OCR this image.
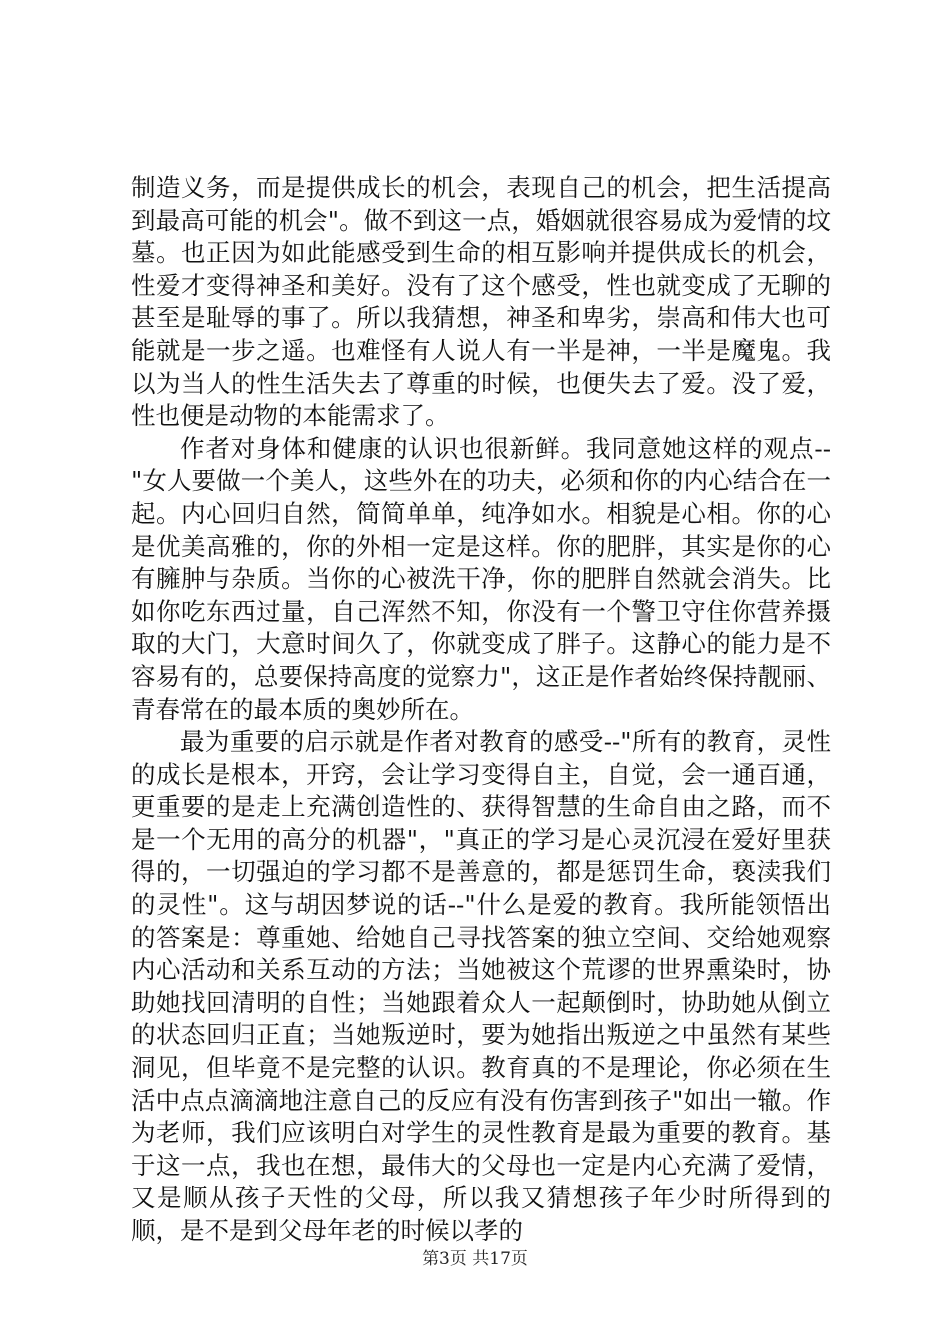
制造义务，而是提供成长的机会，表现自己的机会，把生活提高到最高可能的机会"。做不到这一点，婚姻就很容易成为爱情的坟墓。也正因为如此能感受到生命的相互影响并提供成长的机会，性爱才变得神圣和美好。没有了这个感受，性也就变成了无聊的甚至是耻辱的事了。所以我猜想，神圣和卑劣，崇高和伟大也可能就是一步之遥。也难怪有人说人有一半是神，一半是魔鬼。我以为当人的性生活失去了尊重的时候，也便失去了爱。没了爱，性也便是动物的本能需求了。

作者对身体和健康的认识也很新鲜。我同意她这样的观点--"女人要做一个美人，这些外在的功夫，必须和你的内心结合在一起。内心回归自然，简简单单，纯净如水。相貌是心相。你的心是优美高雅的，你的外相一定是这样。你的肥胖，其实是你的心有臃肿与杂质。当你的心被洗干净，你的肥胖自然就会消失。比如你吃东西过量，自己浑然不知，你没有一个警卫守住你营养摄取的大门，大意时间久了，你就变成了胖子。这静心的能力是不容易有的，总要保持高度的觉察力"，这正是作者始终保持靓丽、青春常在的最本质的奥妙所在。

最为重要的启示就是作者对教育的感受--"所有的教育，灵性的成长是根本，开窍，会让学习变得自主，自觉，会一通百通，更重要的是走上充满创造性的、获得智慧的生命自由之路，而不是一个无用的高分的机器"，"真正的学习是心灵沉浸在爱好里获得的，一切强迫的学习都不是善意的，都是惩罚生命，亵渎我们的灵性"。这与胡因梦说的话--"什么是爱的教育。我所能领悟出的答案是：尊重她、给她自己寻找答案的独立空间、交给她观察内心活动和关系互动的方法；当她被这个荒谬的世界熏染时，协助她找回清明的自性；当她跟着众人一起颠倒时，协助她从倒立的状态回归正直；当她叛逆时，要为她指出叛逆之中虽然有某些洞见，但毕竟不是完整的认识。教育真的不是理论，你必须在生活中点点滴滴地注意自己的反应有没有伤害到孩子"如出一辙。作为老师，我们应该明白对学生的灵性教育是最为重要的教育。基于这一点，我也在想，最伟大的父母也一定是内心充满了爱情，又是顺从孩子天性的父母，所以我又猜想孩子年少时所得到的顺，是不是到父母年老的时候以孝的

第3页 共17页
